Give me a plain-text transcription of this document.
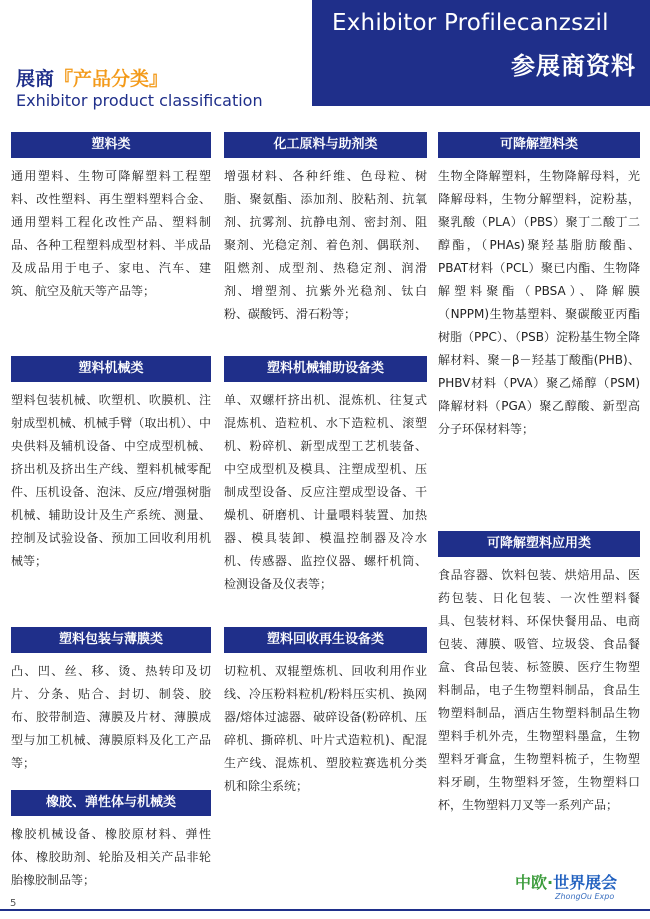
Exhibitor Profilecanzszil
参展商资料
展商『产品分类』
Exhibitor product classification
塑料类
通用塑料、生物可降解塑料工程塑料、改性塑料、再生塑料塑料合金、通用塑料工程化改性产品、塑料制品、各种工程塑料成型材料、半成品及成品用于电子、家电、汽车、建筑、航空及航天等产品等；
塑料机械类
塑料包装机械、吹塑机、吹膜机、注射成型机械、机械手臂（取出机）、中央供料及辅机设备、中空成型机械、挤出机及挤出生产线、塑料机械零配件、压机设备、泡沫、反应/增强树脂机械、辅助设计及生产系统、测量、控制及试验设备、预加工回收利用机械等；
塑料包装与薄膜类
凸、凹、丝、移、烫、热转印及切片、分条、贴合、封切、制袋、胶布、胶带制造、薄膜及片材、薄膜成型与加工机械、薄膜原料及化工产品等；
橡胶、弹性体与机械类
橡胶机械设备、橡胶原材料、弹性体、橡胶助剂、轮胎及相关产品非轮胎橡胶制品等；
化工原料与助剂类
增强材料、各种纤维、色母粒、树脂、聚氨酯、添加剂、胶粘剂、抗氧剂、抗雾剂、抗静电剂、密封剂、阻聚剂、光稳定剂、着色剂、偶联剂、阻燃剂、成型剂、热稳定剂、润滑剂、增塑剂、抗紫外光稳剂、钛白粉、碳酸钙、滑石粉等；
塑料机械辅助设备类
单、双螺杆挤出机、混炼机、往复式混炼机、造粒机、水下造粒机、滚塑机、粉碎机、新型成型工艺机装备、中空成型机及模具、注塑成型机、压制成型设备、反应注塑成型设备、干燥机、研磨机、计量喂料装置、加热器、模具装卸、模温控制器及冷水机、传感器、监控仪器、螺杆机筒、检测设备及仪表等；
塑料回收再生设备类
切粒机、双辊塑炼机、回收利用作业线、冷压粉料粒机/粉料压实机、换网器/熔体过滤器、破碎设备(粉碎机、压碎机、撕碎机、叶片式造粒机)、配混生产线、混炼机、塑胶粒赛选机分类机和除尘系统；
可降解塑料类
生物全降解塑料，生物降解母料，光降解母料，生物分解塑料，淀粉基，聚乳酸（PLA）（PBS）聚丁二酸丁二醇酯，（PHAs)聚羟基脂肪酸酯、PBAT材料（PCL）聚已内酯、生物降解塑料聚酯（PBSA）、降解膜（NPPM)生物基塑料、聚碳酸亚丙酯树脂（PPC）、（PSB）淀粉基生物全降解材料、聚－β－羟基丁酸酯(PHB)、PHBV材料（PVA）聚乙烯醇（PSM)降解材料（PGA）聚乙醇酸、新型高分子环保材料等；
可降解塑料应用类
食品容器、饮料包装、烘焙用品、医药包装、日化包装、一次性塑料餐具、包装材料、环保快餐用品、电商包装、薄膜、吸管、垃圾袋、食品餐盒、食品包装、标签膜、医疗生物塑料制品，电子生物塑料制品，食品生物塑料制品，酒店生物塑料制品生物塑料手机外壳，生物塑料墨盒，生物塑料牙膏盒，生物塑料梳子，生物塑料牙刷，生物塑料牙签，生物塑料口杯，生物塑料刀叉等一系列产品；
5
中欧·世界展会
ZhongOu Expo
